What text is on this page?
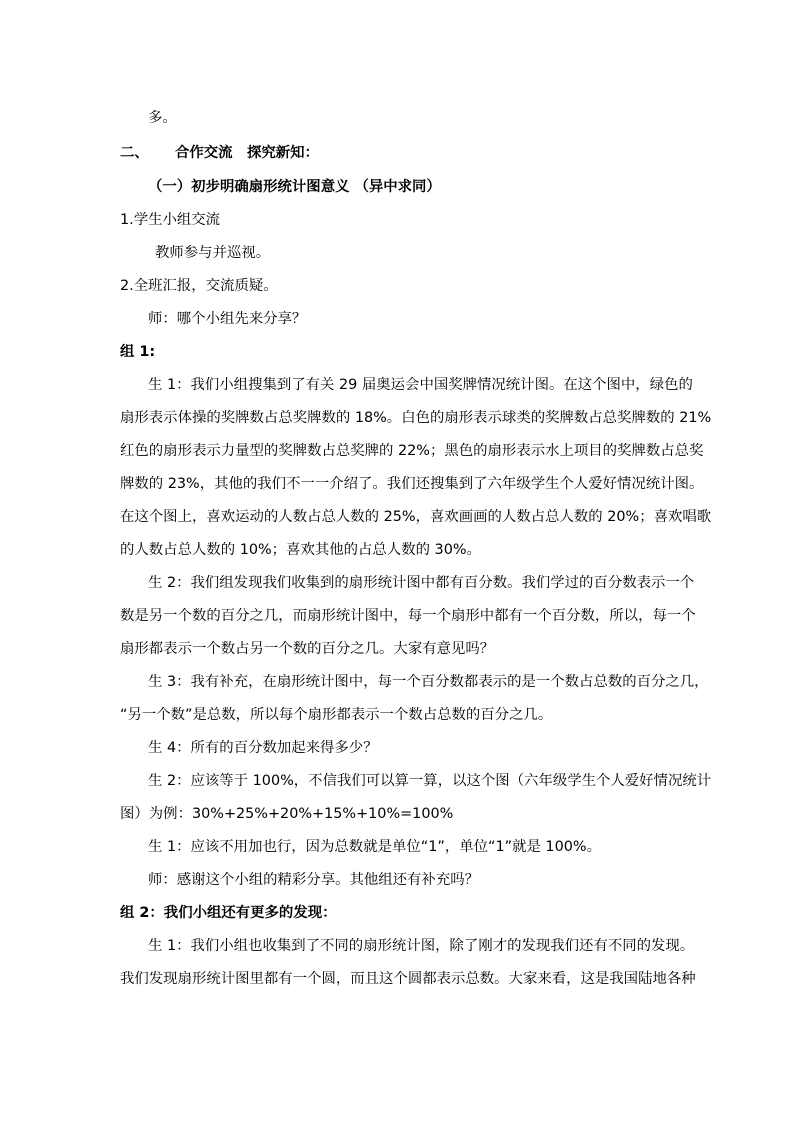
多。
二、 合作交流　探究新知：
（一）初步明确扇形统计图意义 （异中求同）
1.学生小组交流
教师参与并巡视。
2.全班汇报，交流质疑。
师：哪个小组先来分享？
组 1:
生 1：我们小组搜集到了有关 29 届奥运会中国奖牌情况统计图。在这个图中，绿色的
扇形表示体操的奖牌数占总奖牌数的 18%。白色的扇形表示球类的奖牌数占总奖牌数的 21%
红色的扇形表示力量型的奖牌数占总奖牌的 22%；黑色的扇形表示水上项目的奖牌数占总奖
牌数的 23%，其他的我们不一一介绍了。我们还搜集到了六年级学生个人爱好情况统计图。
在这个图上，喜欢运动的人数占总人数的 25%，喜欢画画的人数占总人数的 20%；喜欢唱歌
的人数占总人数的 10%；喜欢其他的占总人数的 30%。
生 2：我们组发现我们收集到的扇形统计图中都有百分数。我们学过的百分数表示一个
数是另一个数的百分之几，而扇形统计图中，每一个扇形中都有一个百分数，所以，每一个
扇形都表示一个数占另一个数的百分之几。大家有意见吗？
生 3：我有补充，在扇形统计图中，每一个百分数都表示的是一个数占总数的百分之几，
“另一个数”是总数，所以每个扇形都表示一个数占总数的百分之几。
生 4：所有的百分数加起来得多少？
生 2：应该等于 100%，不信我们可以算一算，以这个图（六年级学生个人爱好情况统计
图）为例：30%+25%+20%+15%+10%=100%
生 1：应该不用加也行，因为总数就是单位“1”，单位“1”就是 100%。
师：感谢这个小组的精彩分享。其他组还有补充吗？
组 2：我们小组还有更多的发现：
生 1：我们小组也收集到了不同的扇形统计图，除了刚才的发现我们还有不同的发现。
我们发现扇形统计图里都有一个圆，而且这个圆都表示总数。大家来看，这是我国陆地各种
